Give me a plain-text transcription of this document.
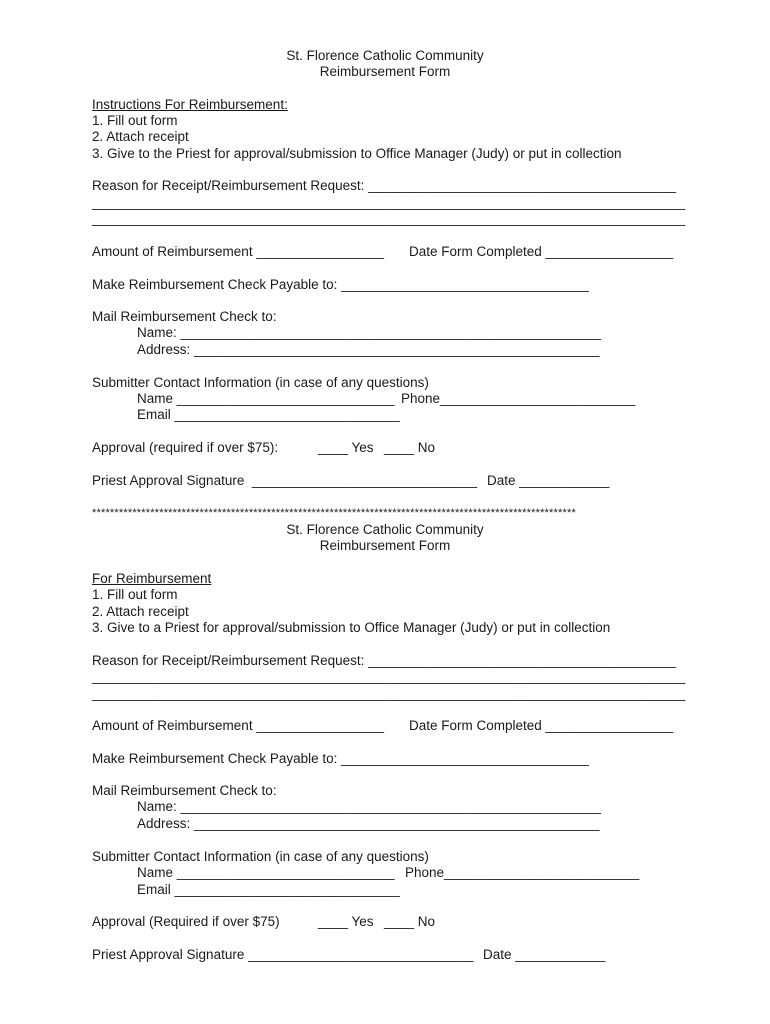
St. Florence Catholic Community
Reimbursement Form
Instructions For Reimbursement:
1. Fill out form
2. Attach receipt
3. Give to the Priest for approval/submission to Office Manager (Judy) or put in collection
Reason for Receipt/Reimbursement Request: _________________________________________
_______________________________________________________________________________
_______________________________________________________________________________
Amount of Reimbursement _________________ Date Form Completed _________________
Make Reimbursement Check Payable to: _________________________________
Mail Reimbursement Check to:
Name: ________________________________________________________
Address: ______________________________________________________
Submitter Contact Information (in case of any questions)
Name _____________________________ Phone__________________________
Email ______________________________
Approval (required if over $75):	____ Yes ____ No
Priest Approval Signature  ______________________________ Date ____________
************************************************************************************************************
St. Florence Catholic Community
Reimbursement Form
For Reimbursement
1. Fill out form
2. Attach receipt
3. Give to a Priest for approval/submission to Office Manager (Judy) or put in collection
Reason for Receipt/Reimbursement Request: _________________________________________
_______________________________________________________________________________
_______________________________________________________________________________
Amount of Reimbursement _________________ Date Form Completed _________________
Make Reimbursement Check Payable to: _________________________________
Mail Reimbursement Check to:
Name: ________________________________________________________
Address: ______________________________________________________
Submitter Contact Information (in case of any questions)
Name _____________________________ Phone__________________________
Email ______________________________
Approval (Required if over $75)	____ Yes ____ No
Priest Approval Signature ______________________________ Date ____________
